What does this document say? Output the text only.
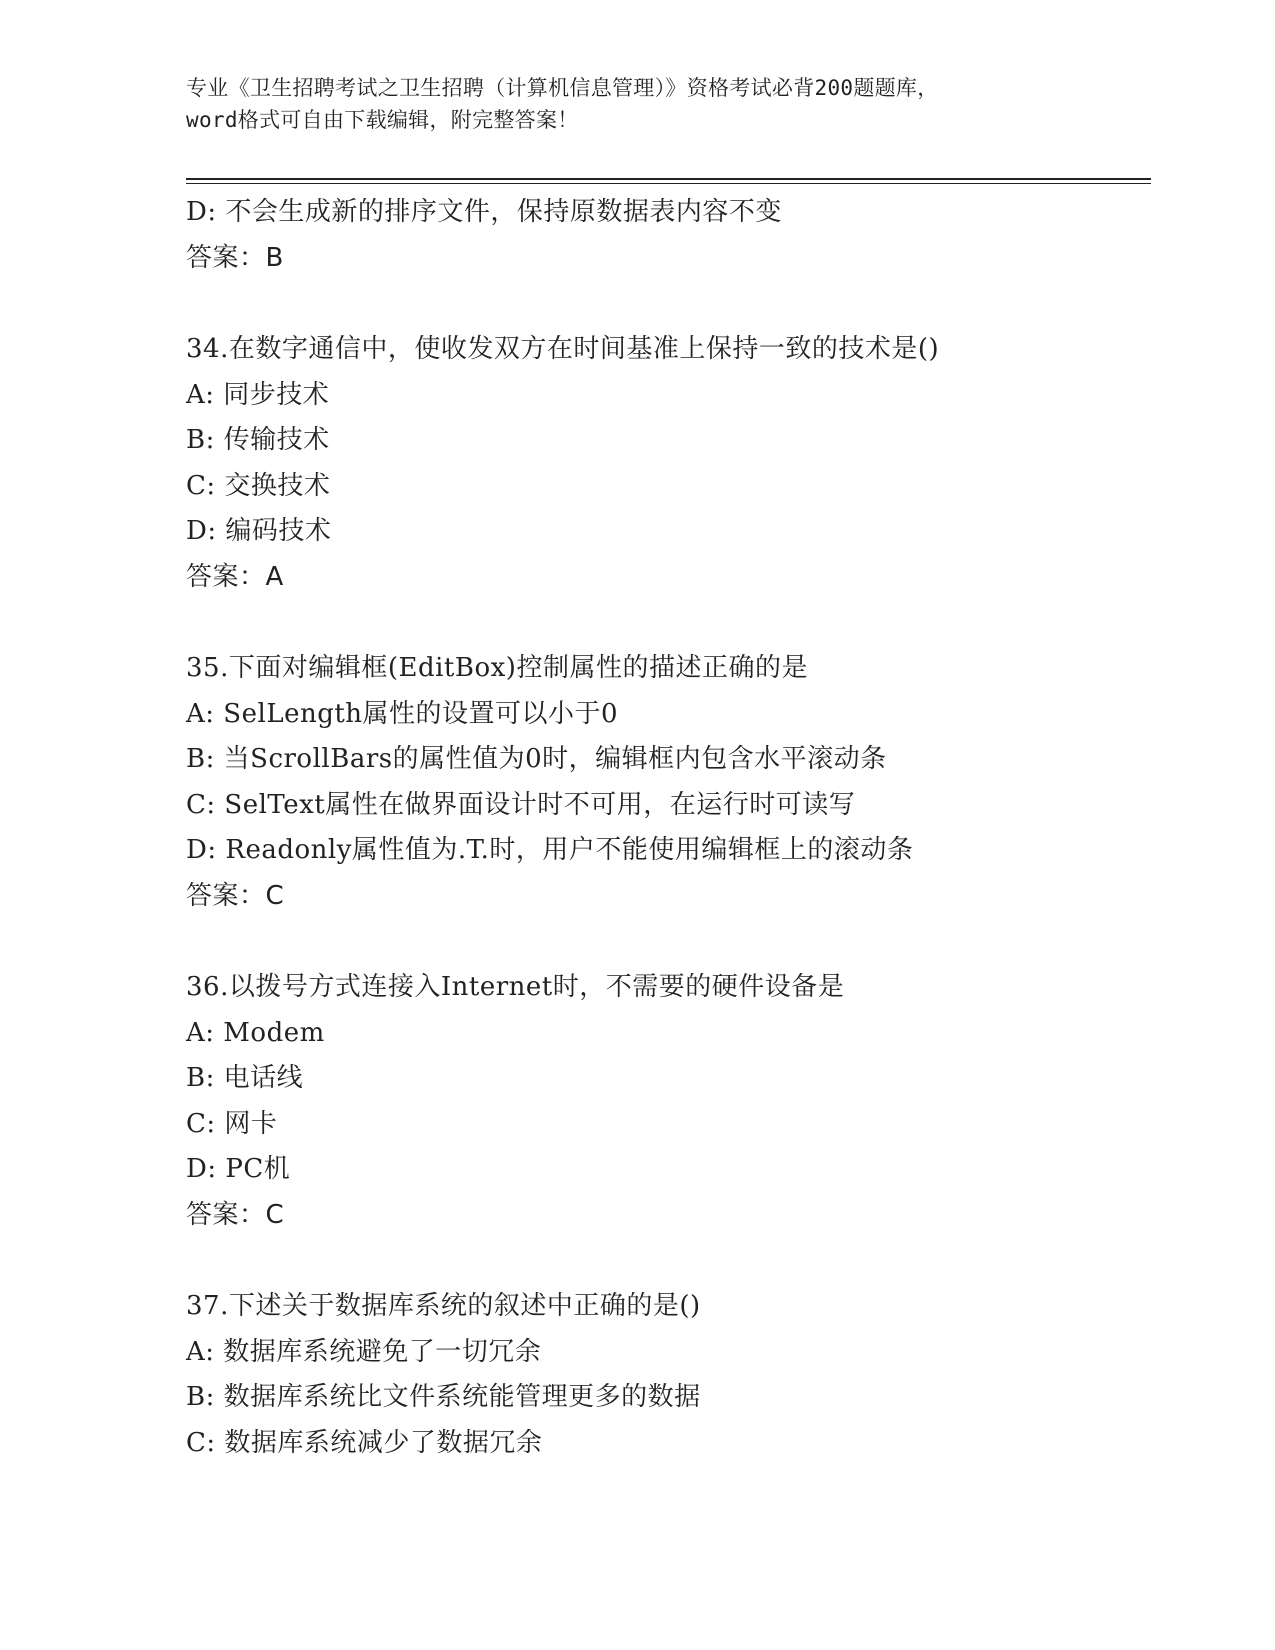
专业《卫生招聘考试之卫生招聘（计算机信息管理）》资格考试必背200题题库，
word格式可自由下载编辑，附完整答案！
D: 不会生成新的排序文件，保持原数据表内容不变
答案：B
34.在数字通信中，使收发双方在时间基准上保持一致的技术是()
A: 同步技术
B: 传输技术
C: 交换技术
D: 编码技术
答案：A
35.下面对编辑框(EditBox)控制属性的描述正确的是
A: SelLength属性的设置可以小于0
B: 当ScrollBars的属性值为0时，编辑框内包含水平滚动条
C: SelText属性在做界面设计时不可用，在运行时可读写
D: Readonly属性值为.T.时，用户不能使用编辑框上的滚动条
答案：C
36.以拨号方式连接入Internet时，不需要的硬件设备是
A: Modem
B: 电话线
C: 网卡
D: PC机
答案：C
37.下述关于数据库系统的叙述中正确的是()
A: 数据库系统避免了一切冗余
B: 数据库系统比文件系统能管理更多的数据
C: 数据库系统减少了数据冗余
